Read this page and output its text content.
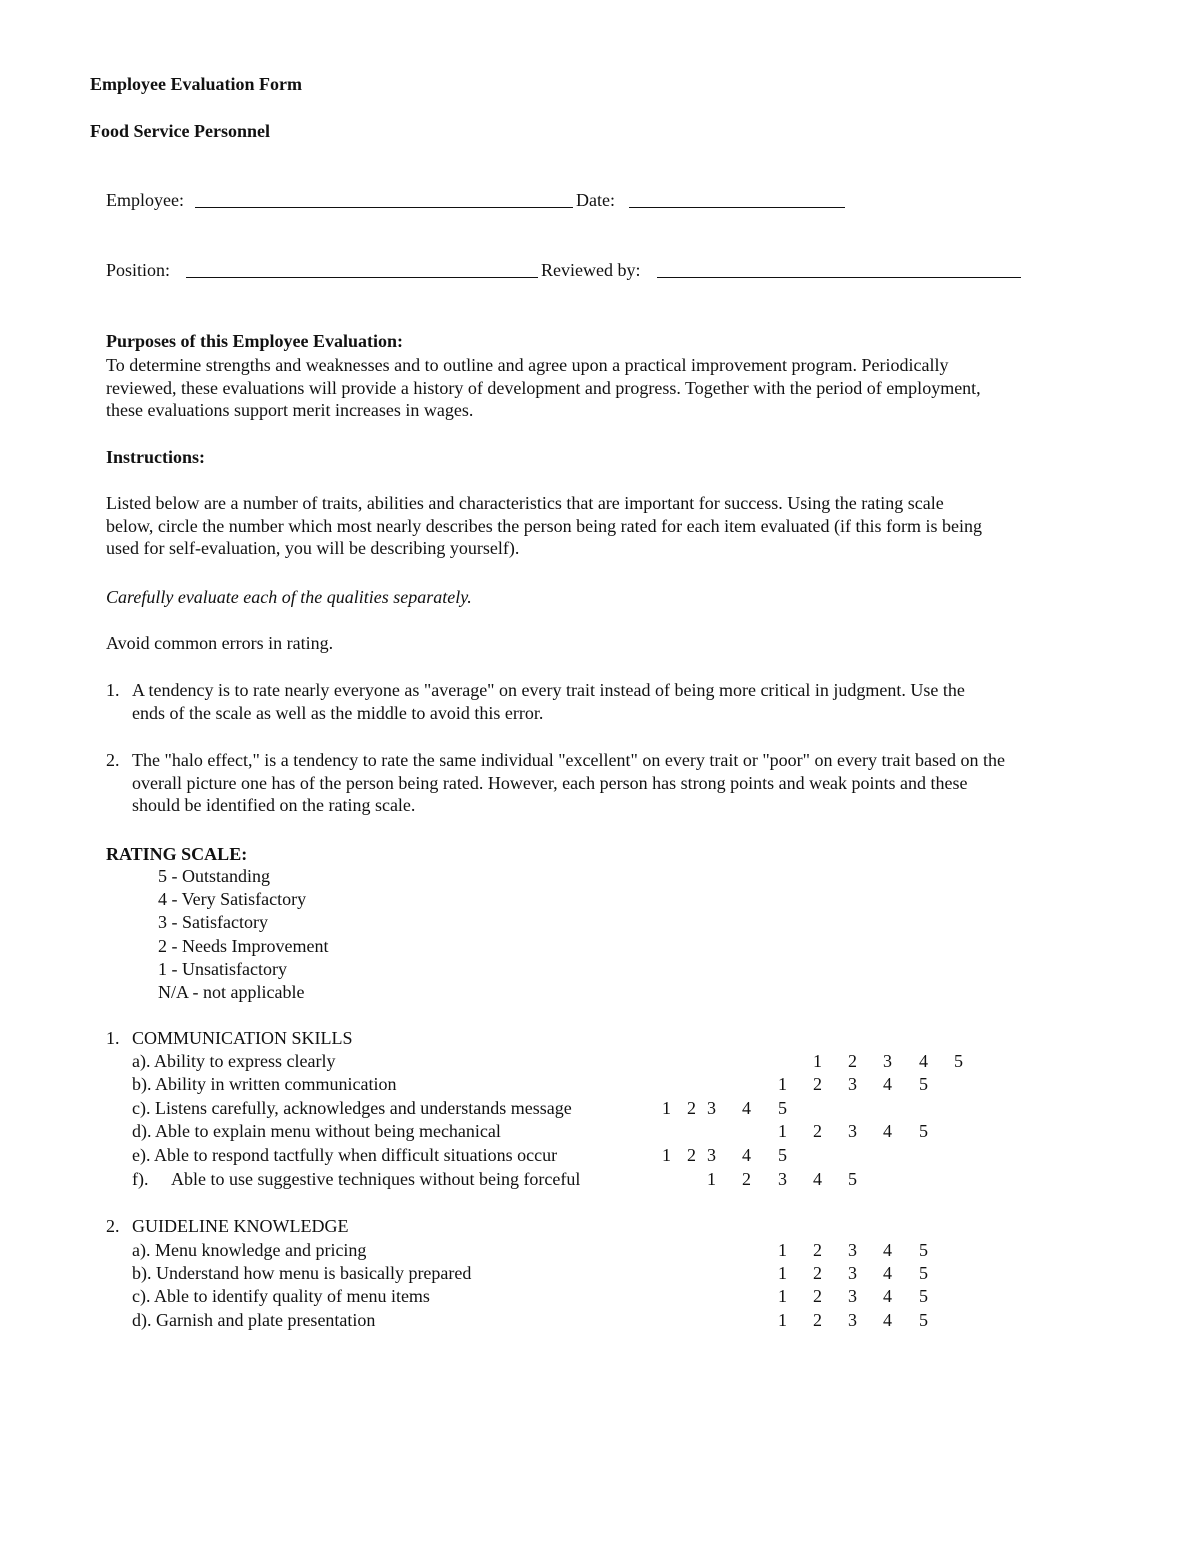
Employee Evaluation Form
Food Service Personnel
Employee:	Date:
Position:	Reviewed by:
Purposes of this Employee Evaluation:
To determine strengths and weaknesses and to outline and agree upon a practical improvement program. Periodically
reviewed, these evaluations will provide a history of development and progress. Together with the period of employment,
these evaluations support merit increases in wages.
Instructions:
Listed below are a number of traits, abilities and characteristics that are important for success. Using the rating scale
below, circle the number which most nearly describes the person being rated for each item evaluated (if this form is being
used for self-evaluation, you will be describing yourself).
Carefully evaluate each of the qualities separately.
Avoid common errors in rating.
1. A tendency is to rate nearly everyone as "average" on every trait instead of being more critical in judgment. Use the
ends of the scale as well as the middle to avoid this error.
2. The "halo effect," is a tendency to rate the same individual "excellent" on every trait or "poor" on every trait based on the
overall picture one has of the person being rated. However, each person has strong points and weak points and these
should be identified on the rating scale.
RATING SCALE:
5 - Outstanding
4 - Very Satisfactory
3 - Satisfactory
2 - Needs Improvement
1 - Unsatisfactory
N/A - not applicable
1. COMMUNICATION SKILLS
a). Ability to express clearly
b). Ability in written communication
c). Listens carefully, acknowledges and understands message
d). Able to explain menu without being mechanical
e). Able to respond tactfully when difficult situations occur
f). Able to use suggestive techniques without being forceful
1 2 3 4 5
1 2 3 4 5
1 2 3 4 5
1 2 3 4 5
1 2 3 4 5
1 2 3 4 5
2. GUIDELINE KNOWLEDGE
a). Menu knowledge and pricing
b). Understand how menu is basically prepared
c). Able to identify quality of menu items
d). Garnish and plate presentation
1 2 3 4 5
1 2 3 4 5
1 2 3 4 5
1 2 3 4 5
